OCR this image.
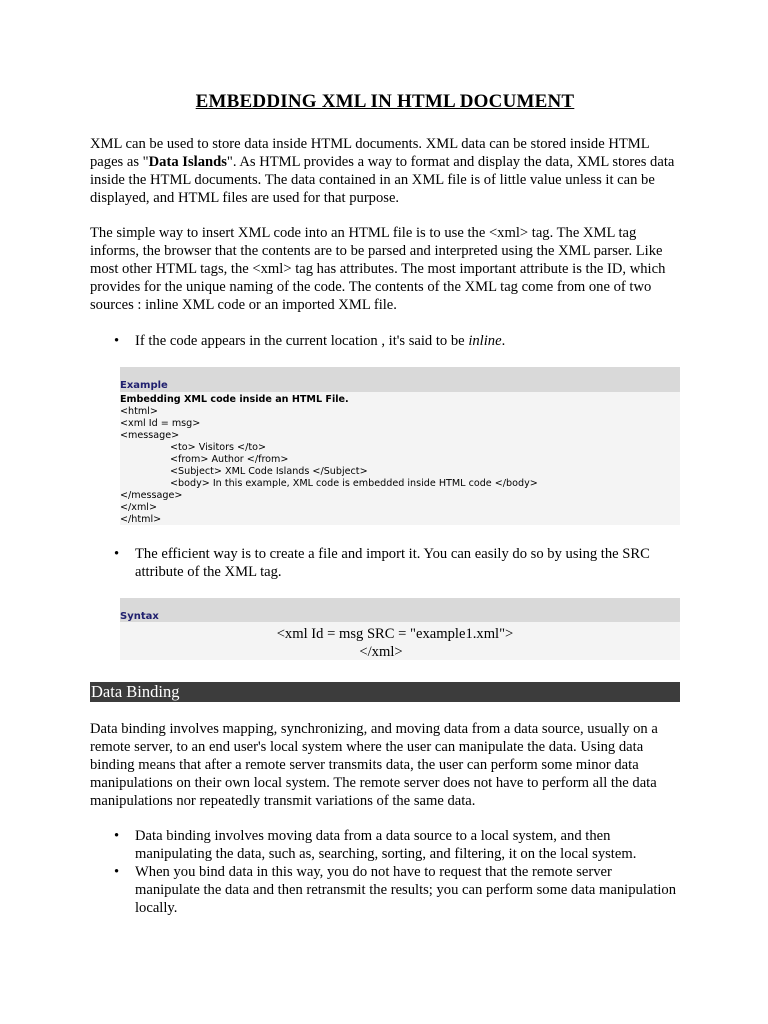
EMBEDDING XML IN HTML DOCUMENT

XML can be used to store data inside HTML documents. XML data can be stored inside HTML pages as "Data Islands". As HTML provides a way to format and display the data, XML stores data inside the HTML documents. The data contained in an XML file is of little value unless it can be displayed, and HTML files are used for that purpose.

The simple way to insert XML code into an HTML file is to use the <xml> tag. The XML tag informs, the browser that the contents are to be parsed and interpreted using the XML parser. Like most other HTML tags, the <xml> tag has attributes. The most important attribute is the ID, which provides for the unique naming of the code. The contents of the XML tag come from one of two sources : inline XML code or an imported XML file.

• If the code appears in the current location , it's said to be inline.

Example
Embedding XML code inside an HTML File.
<html>
<xml Id = msg>
<message>
<to> Visitors </to>
<from> Author </from>
<Subject> XML Code Islands </Subject>
<body> In this example, XML code is embedded inside HTML code </body>
</message>
</xml>
</html>

• The efficient way is to create a file and import it. You can easily do so by using the SRC attribute of the XML tag.

Syntax
<xml Id = msg SRC = "example1.xml">
</xml>
Data Binding

Data binding involves mapping, synchronizing, and moving data from a data source, usually on a remote server, to an end user's local system where the user can manipulate the data. Using data binding means that after a remote server transmits data, the user can perform some minor data manipulations on their own local system. The remote server does not have to perform all the data manipulations nor repeatedly transmit variations of the same data.

• Data binding involves moving data from a data source to a local system, and then manipulating the data, such as, searching, sorting, and filtering, it on the local system.

• When you bind data in this way, you do not have to request that the remote server manipulate the data and then retransmit the results; you can perform some data manipulation locally.
